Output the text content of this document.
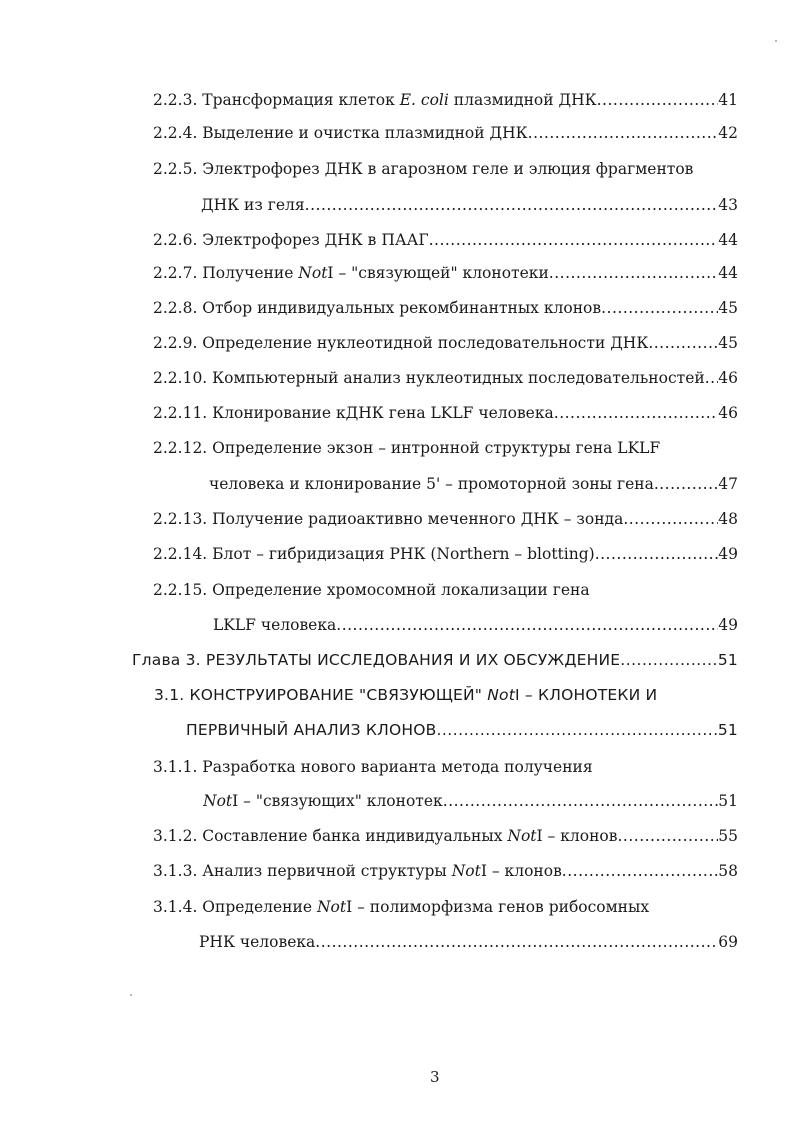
2.2.3. Трансформация клеток E. coli плазмидной ДНК .....	41
2.2.4. Выделение и очистка плазмидной ДНК .....	42
2.2.5. Электрофорез ДНК в агарозном геле и элюция фрагментов
ДНК из геля .....	43
2.2.6. Электрофорез ДНК в ПААГ .....	44
2.2.7. Получение NotI – "связующей" клонотеки .....	44
2.2.8. Отбор индивидуальных рекомбинантных клонов .....	45
2.2.9. Определение нуклеотидной последовательности ДНК .....	45
2.2.10. Компьютерный анализ нуклеотидных последовательностей ..... 46
2.2.11. Клонирование кДНК гена LKLF человека .....	46
2.2.12. Определение экзон – интронной структуры гена LKLF
человека и клонирование 5' – промоторной зоны гена .....	47
2.2.13. Получение радиоактивно меченного ДНК – зонда .....	48
2.2.14. Блот – гибридизация РНК (Northern – blotting) .....	49
2.2.15. Определение хромосомной локализации гена
LKLF человека .....	49
Глава 3. РЕЗУЛЬТАТЫ ИССЛЕДОВАНИЯ И ИХ ОБСУЖДЕНИЕ .....	51
3.1. КОНСТРУИРОВАНИЕ "СВЯЗУЮЩЕЙ" NotI – КЛОНОТЕКИ И
ПЕРВИЧНЫЙ АНАЛИЗ КЛОНОВ .....	51
3.1.1. Разработка нового варианта метода получения
NotI – "связующих" клонотек .....	51
3.1.2. Составление банка индивидуальных NotI – клонов .....	55
3.1.3. Анализ первичной структуры NotI – клонов .....	58
3.1.4. Определение NotI – полиморфизма генов рибосомных
РНК человека .....	69
3
